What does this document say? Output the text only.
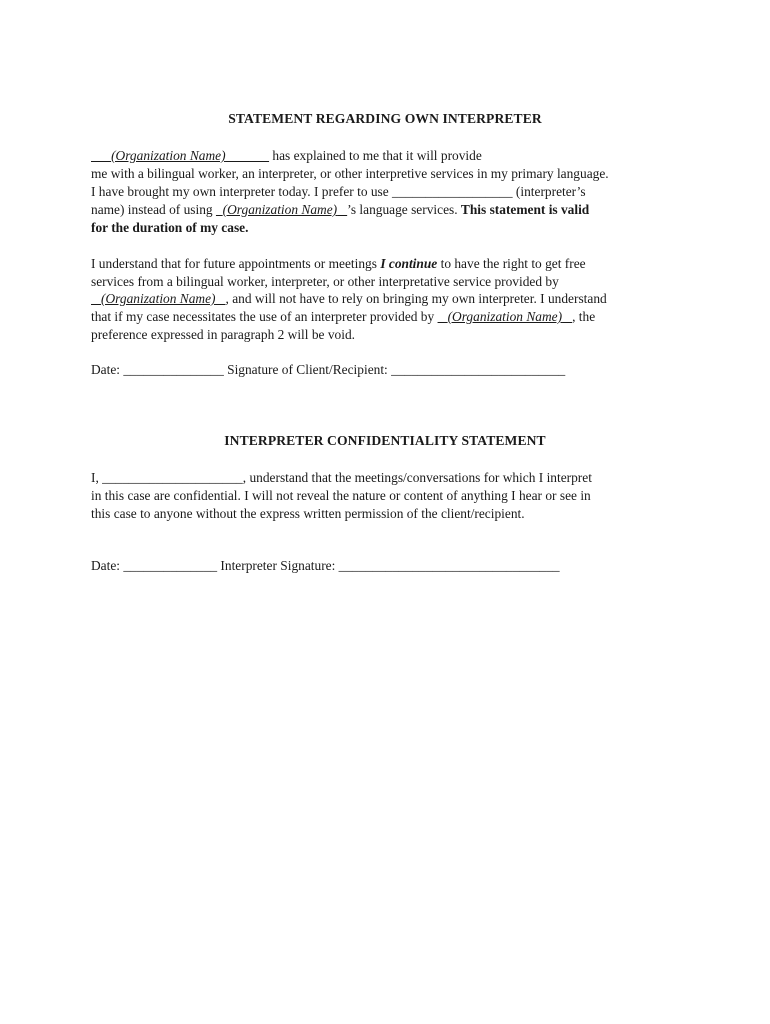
STATEMENT REGARDING OWN INTERPRETER
(Organization Name)	has explained to me that it will provide
me with a bilingual worker, an interpreter, or other interpretive services in my primary language.
I have brought my own interpreter today. I prefer to use __________________ (interpreter’s
name) instead of using   (Organization Name) ’s language services. This statement is valid
for the duration of my case.
I understand that for future appointments or meetings I continue to have the right to get free
services from a bilingual worker, interpreter, or other interpretative service provided by
(Organization Name) , and will not have to rely on bringing my own interpreter. I understand
that if my case necessitates the use of an interpreter provided by    (Organization Name) , the
preference expressed in paragraph 2 will be void.
Date: _______________ Signature of Client/Recipient: __________________________
INTERPRETER CONFIDENTIALITY STATEMENT
I, _____________________, understand that the meetings/conversations for which I interpret
in this case are confidential. I will not reveal the nature or content of anything I hear or see in
this case to anyone without the express written permission of the client/recipient.
Date: ______________ Interpreter Signature: _________________________________
